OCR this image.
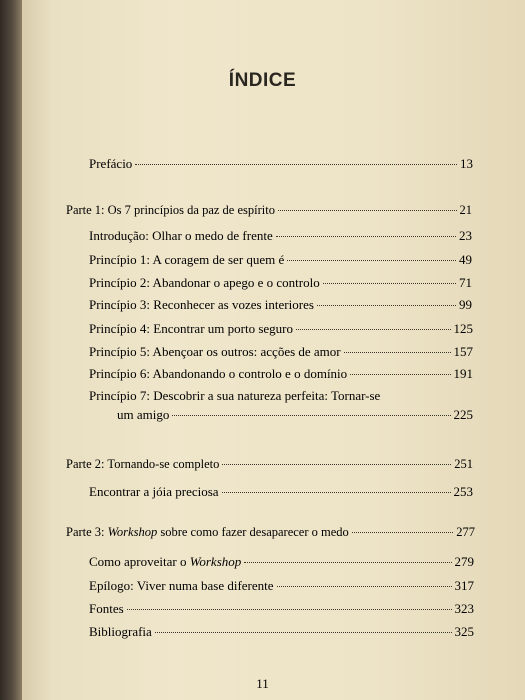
ÍNDICE
Prefácio	13
Parte 1: Os 7 princípios da paz de espírito	21
Introdução: Olhar o medo de frente	23
Princípio 1: A coragem de ser quem é	49
Princípio 2: Abandonar o apego e o controlo	71
Princípio 3: Reconhecer as vozes interiores	99
Princípio 4: Encontrar um porto seguro	125
Princípio 5: Abençoar os outros: acções de amor	157
Princípio 6: Abandonando o controlo e o domínio	191
Princípio 7: Descobrir a sua natureza perfeita: Tornar-se
um amigo	225
Parte 2: Tornando-se completo	251
Encontrar a jóia preciosa	253
Parte 3: Workshop sobre como fazer desaparecer o medo	277
Como aproveitar o Workshop	279
Epílogo: Viver numa base diferente	317
Fontes	323
Bibliografia	325
11
